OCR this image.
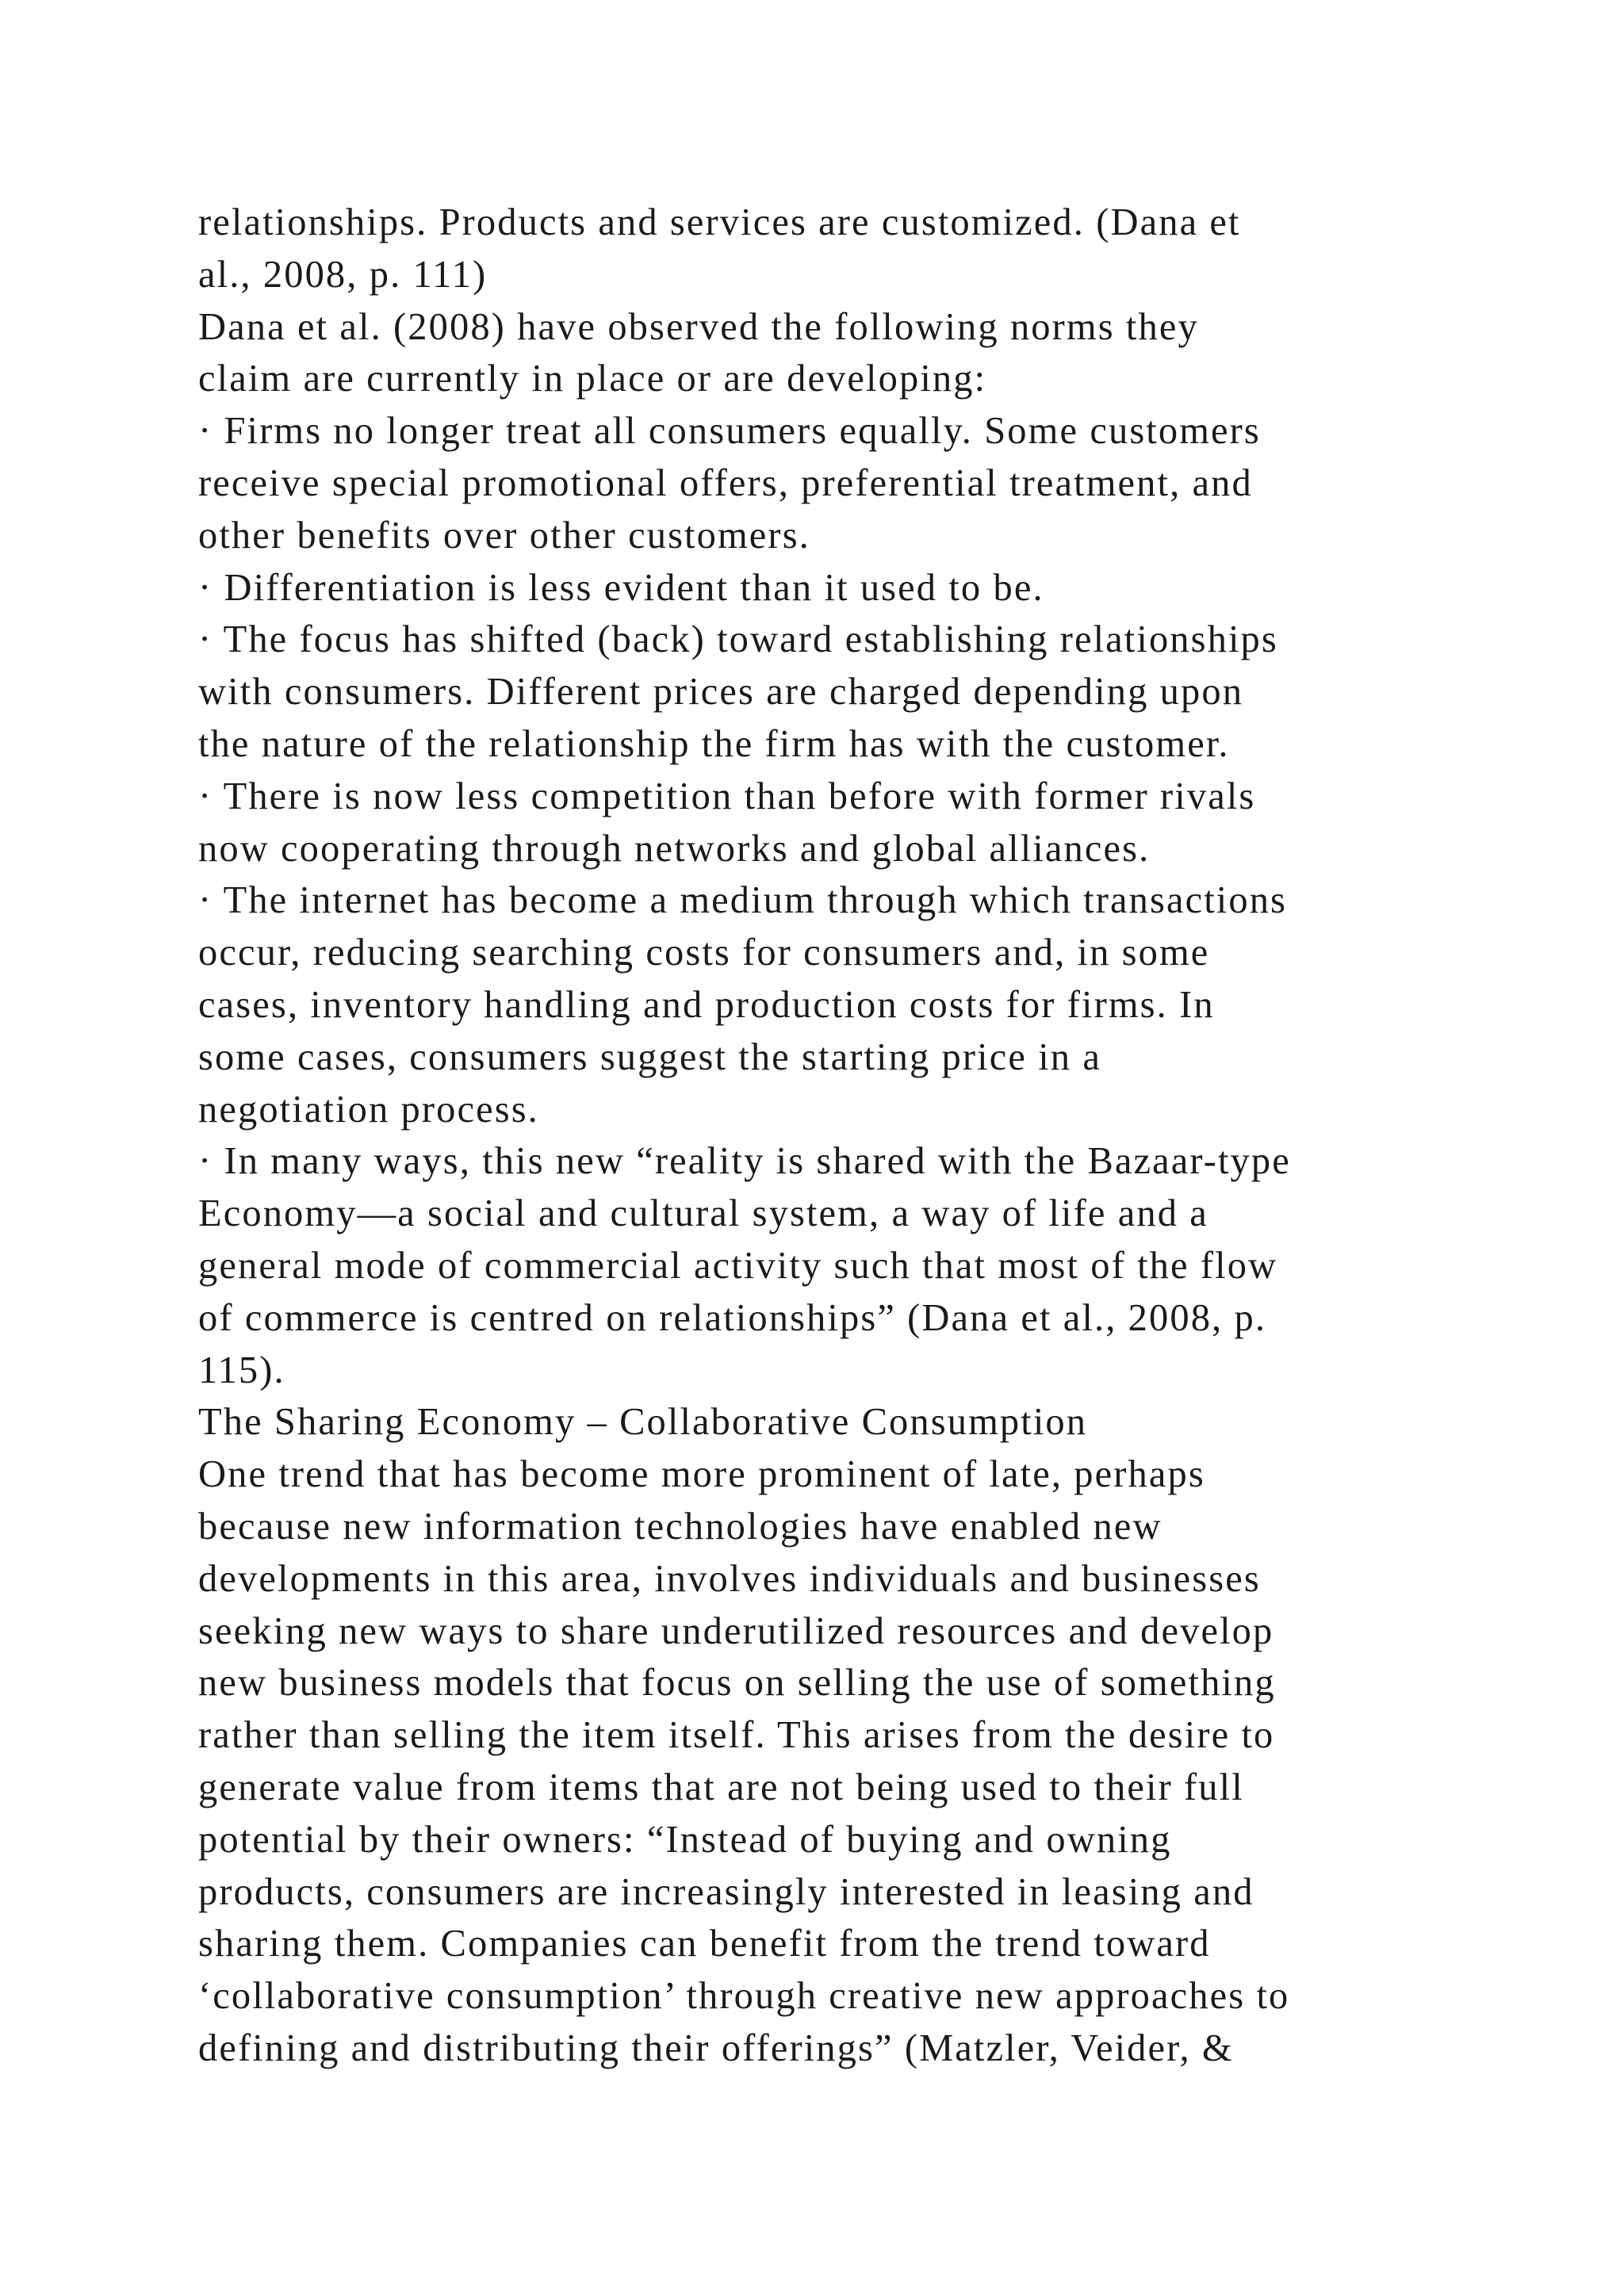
relationships. Products and services are customized. (Dana et
al., 2008, p. 111)
Dana et al. (2008) have observed the following norms they
claim are currently in place or are developing:
· Firms no longer treat all consumers equally. Some customers
receive special promotional offers, preferential treatment, and
other benefits over other customers.
· Differentiation is less evident than it used to be.
· The focus has shifted (back) toward establishing relationships
with consumers. Different prices are charged depending upon
the nature of the relationship the firm has with the customer.
· There is now less competition than before with former rivals
now cooperating through networks and global alliances.
· The internet has become a medium through which transactions
occur, reducing searching costs for consumers and, in some
cases, inventory handling and production costs for firms. In
some cases, consumers suggest the starting price in a
negotiation process.
· In many ways, this new “reality is shared with the Bazaar-type
Economy—a social and cultural system, a way of life and a
general mode of commercial activity such that most of the flow
of commerce is centred on relationships” (Dana et al., 2008, p.
115).
The Sharing Economy – Collaborative Consumption
One trend that has become more prominent of late, perhaps
because new information technologies have enabled new
developments in this area, involves individuals and businesses
seeking new ways to share underutilized resources and develop
new business models that focus on selling the use of something
rather than selling the item itself. This arises from the desire to
generate value from items that are not being used to their full
potential by their owners: “Instead of buying and owning
products, consumers are increasingly interested in leasing and
sharing them. Companies can benefit from the trend toward
‘collaborative consumption’ through creative new approaches to
defining and distributing their offerings” (Matzler, Veider, &
